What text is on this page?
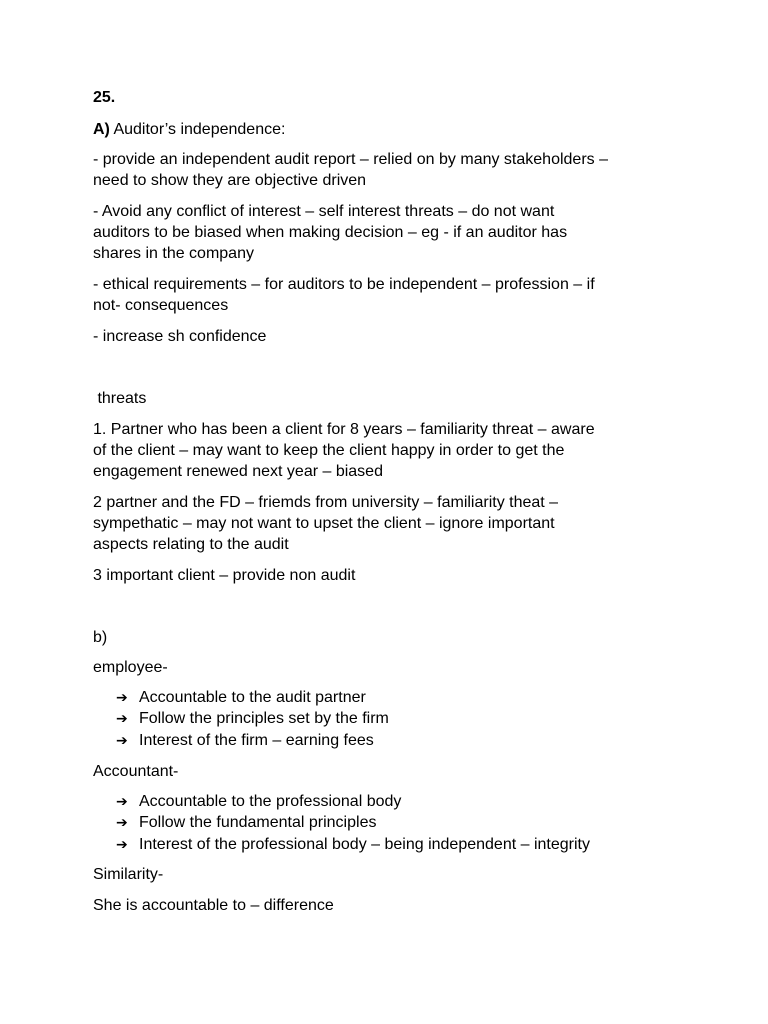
25.
A) Auditor’s independence:
- provide an independent audit report – relied on by many stakeholders –
need to show they are objective driven
- Avoid any conflict of interest – self interest threats – do not want
auditors to be biased when making decision – eg - if an auditor has
shares in the company
- ethical requirements – for auditors to be independent – profession – if
not- consequences
- increase sh confidence
threats
1. Partner who has been a client for 8 years – familiarity threat – aware
of the client – may want to keep the client happy in order to get the
engagement renewed next year – biased
2 partner and the FD – friemds from university – familiarity theat –
sympethatic – may not want to upset the client – ignore important
aspects relating to the audit
3 important client – provide non audit
b)
employee-
➔ Accountable to the audit partner
➔ Follow the principles set by the firm
➔ Interest of the firm – earning fees
Accountant-
➔ Accountable to the professional body
➔ Follow the fundamental principles
➔ Interest of the professional body – being independent – integrity
Similarity-
She is accountable to – difference
